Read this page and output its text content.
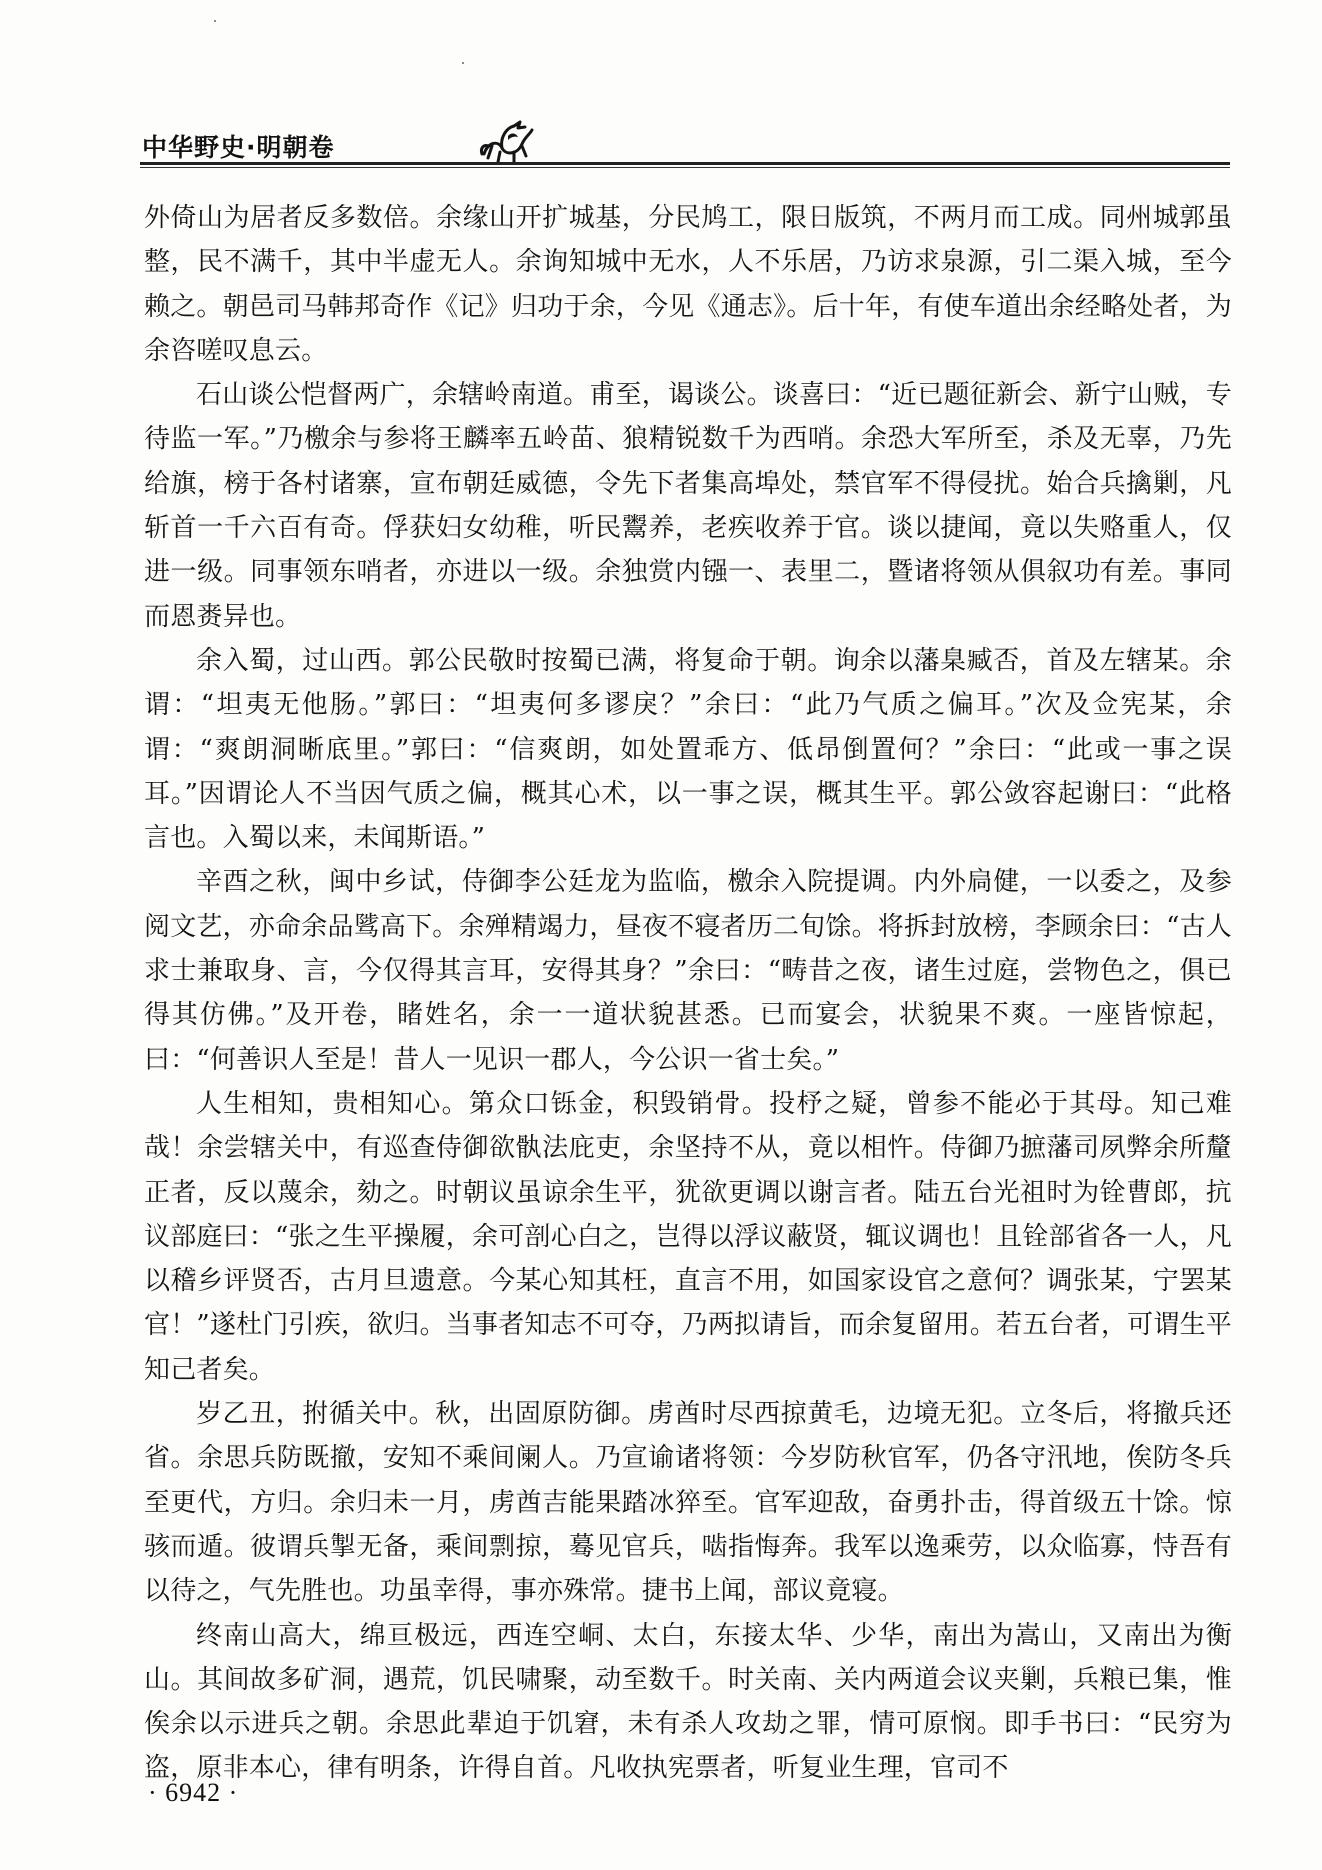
中华野史·明朝卷

外倚山为居者反多数倍。余缘山开扩城基，分民鸠工，限日版筑，不两月而工成。同州城郭虽整，民不满千，其中半虚无人。余询知城中无水，人不乐居，乃访求泉源，引二渠入城，至今赖之。朝邑司马韩邦奇作《记》归功于余，今见《通志》。后十年，有使车道出余经略处者，为余咨嗟叹息云。

石山谈公恺督两广，余辖岭南道。甫至，谒谈公。谈喜曰：“近已题征新会、新宁山贼，专待监一军。”乃檄余与参将王麟率五岭苗、狼精锐数千为西哨。余恐大军所至，杀及无辜，乃先给旗，榜于各村诸寨，宣布朝廷威德，令先下者集高埠处，禁官军不得侵扰。始合兵擒剿，凡斩首一千六百有奇。俘获妇女幼稚，听民鬻养，老疾收养于官。谈以捷闻，竟以失赂重人，仅进一级。同事领东哨者，亦进以一级。余独赏内镪一、表里二，暨诸将领从俱叙功有差。事同而恩赉异也。

余入蜀，过山西。郭公民敬时按蜀已满，将复命于朝。询余以藩臬臧否，首及左辖某。余谓：“坦夷无他肠。”郭曰：“坦夷何多谬戾？”余曰：“此乃气质之偏耳。”次及佥宪某，余谓：“爽朗洞晰底里。”郭曰：“信爽朗，如处置乖方、低昂倒置何？”余曰：“此或一事之误耳。”因谓论人不当因气质之偏，概其心术，以一事之误，概其生平。郭公敛容起谢曰：“此格言也。入蜀以来，未闻斯语。”

辛酉之秋，闽中乡试，侍御李公廷龙为监临，檄余入院提调。内外扃健，一以委之，及参阅文艺，亦命余品骘高下。余殚精竭力，昼夜不寝者历二旬馀。将拆封放榜，李顾余曰：“古人求士兼取身、言，今仅得其言耳，安得其身？”余曰：“畴昔之夜，诸生过庭，尝物色之，俱已得其仿佛。”及开卷，睹姓名，余一一道状貌甚悉。已而宴会，状貌果不爽。一座皆惊起，曰：“何善识人至是！昔人一见识一郡人，今公识一省士矣。”

人生相知，贵相知心。第众口铄金，积毁销骨。投杼之疑，曾参不能必于其母。知己难哉！余尝辖关中，有巡查侍御欲骫法庇吏，余坚持不从，竟以相忤。侍御乃摭藩司夙弊余所釐正者，反以蔑余，劾之。时朝议虽谅余生平，犹欲更调以谢言者。陆五台光祖时为铨曹郎，抗议部庭曰：“张之生平操履，余可剖心白之，岂得以浮议蔽贤，辄议调也！且铨部省各一人，凡以稽乡评贤否，古月旦遗意。今某心知其枉，直言不用，如国家设官之意何？调张某，宁罢某官！”遂杜门引疾，欲归。当事者知志不可夺，乃两拟请旨，而余复留用。若五台者，可谓生平知己者矣。

岁乙丑，拊循关中。秋，出固原防御。虏酋时尽西掠黄毛，边境无犯。立冬后，将撤兵还省。余思兵防既撤，安知不乘间阑人。乃宣谕诸将领：今岁防秋官军，仍各守汛地，俟防冬兵至更代，方归。余归未一月，虏酋吉能果踏冰猝至。官军迎敌，奋勇扑击，得首级五十馀。惊骇而遁。彼谓兵掣无备，乘间剽掠，蓦见官兵，啮指悔奔。我军以逸乘劳，以众临寡，恃吾有以待之，气先胜也。功虽幸得，事亦殊常。捷书上闻，部议竟寝。

终南山高大，绵亘极远，西连空峒、太白，东接太华、少华，南出为嵩山，又南出为衡山。其间故多矿洞，遇荒，饥民啸聚，动至数千。时关南、关内两道会议夹剿，兵粮已集，惟俟余以示进兵之朝。余思此辈迫于饥窘，未有杀人攻劫之罪，情可原悯。即手书曰：“民穷为盗，原非本心，律有明条，许得自首。凡收执宪票者，听复业生理，官司不

· 6942 ·
